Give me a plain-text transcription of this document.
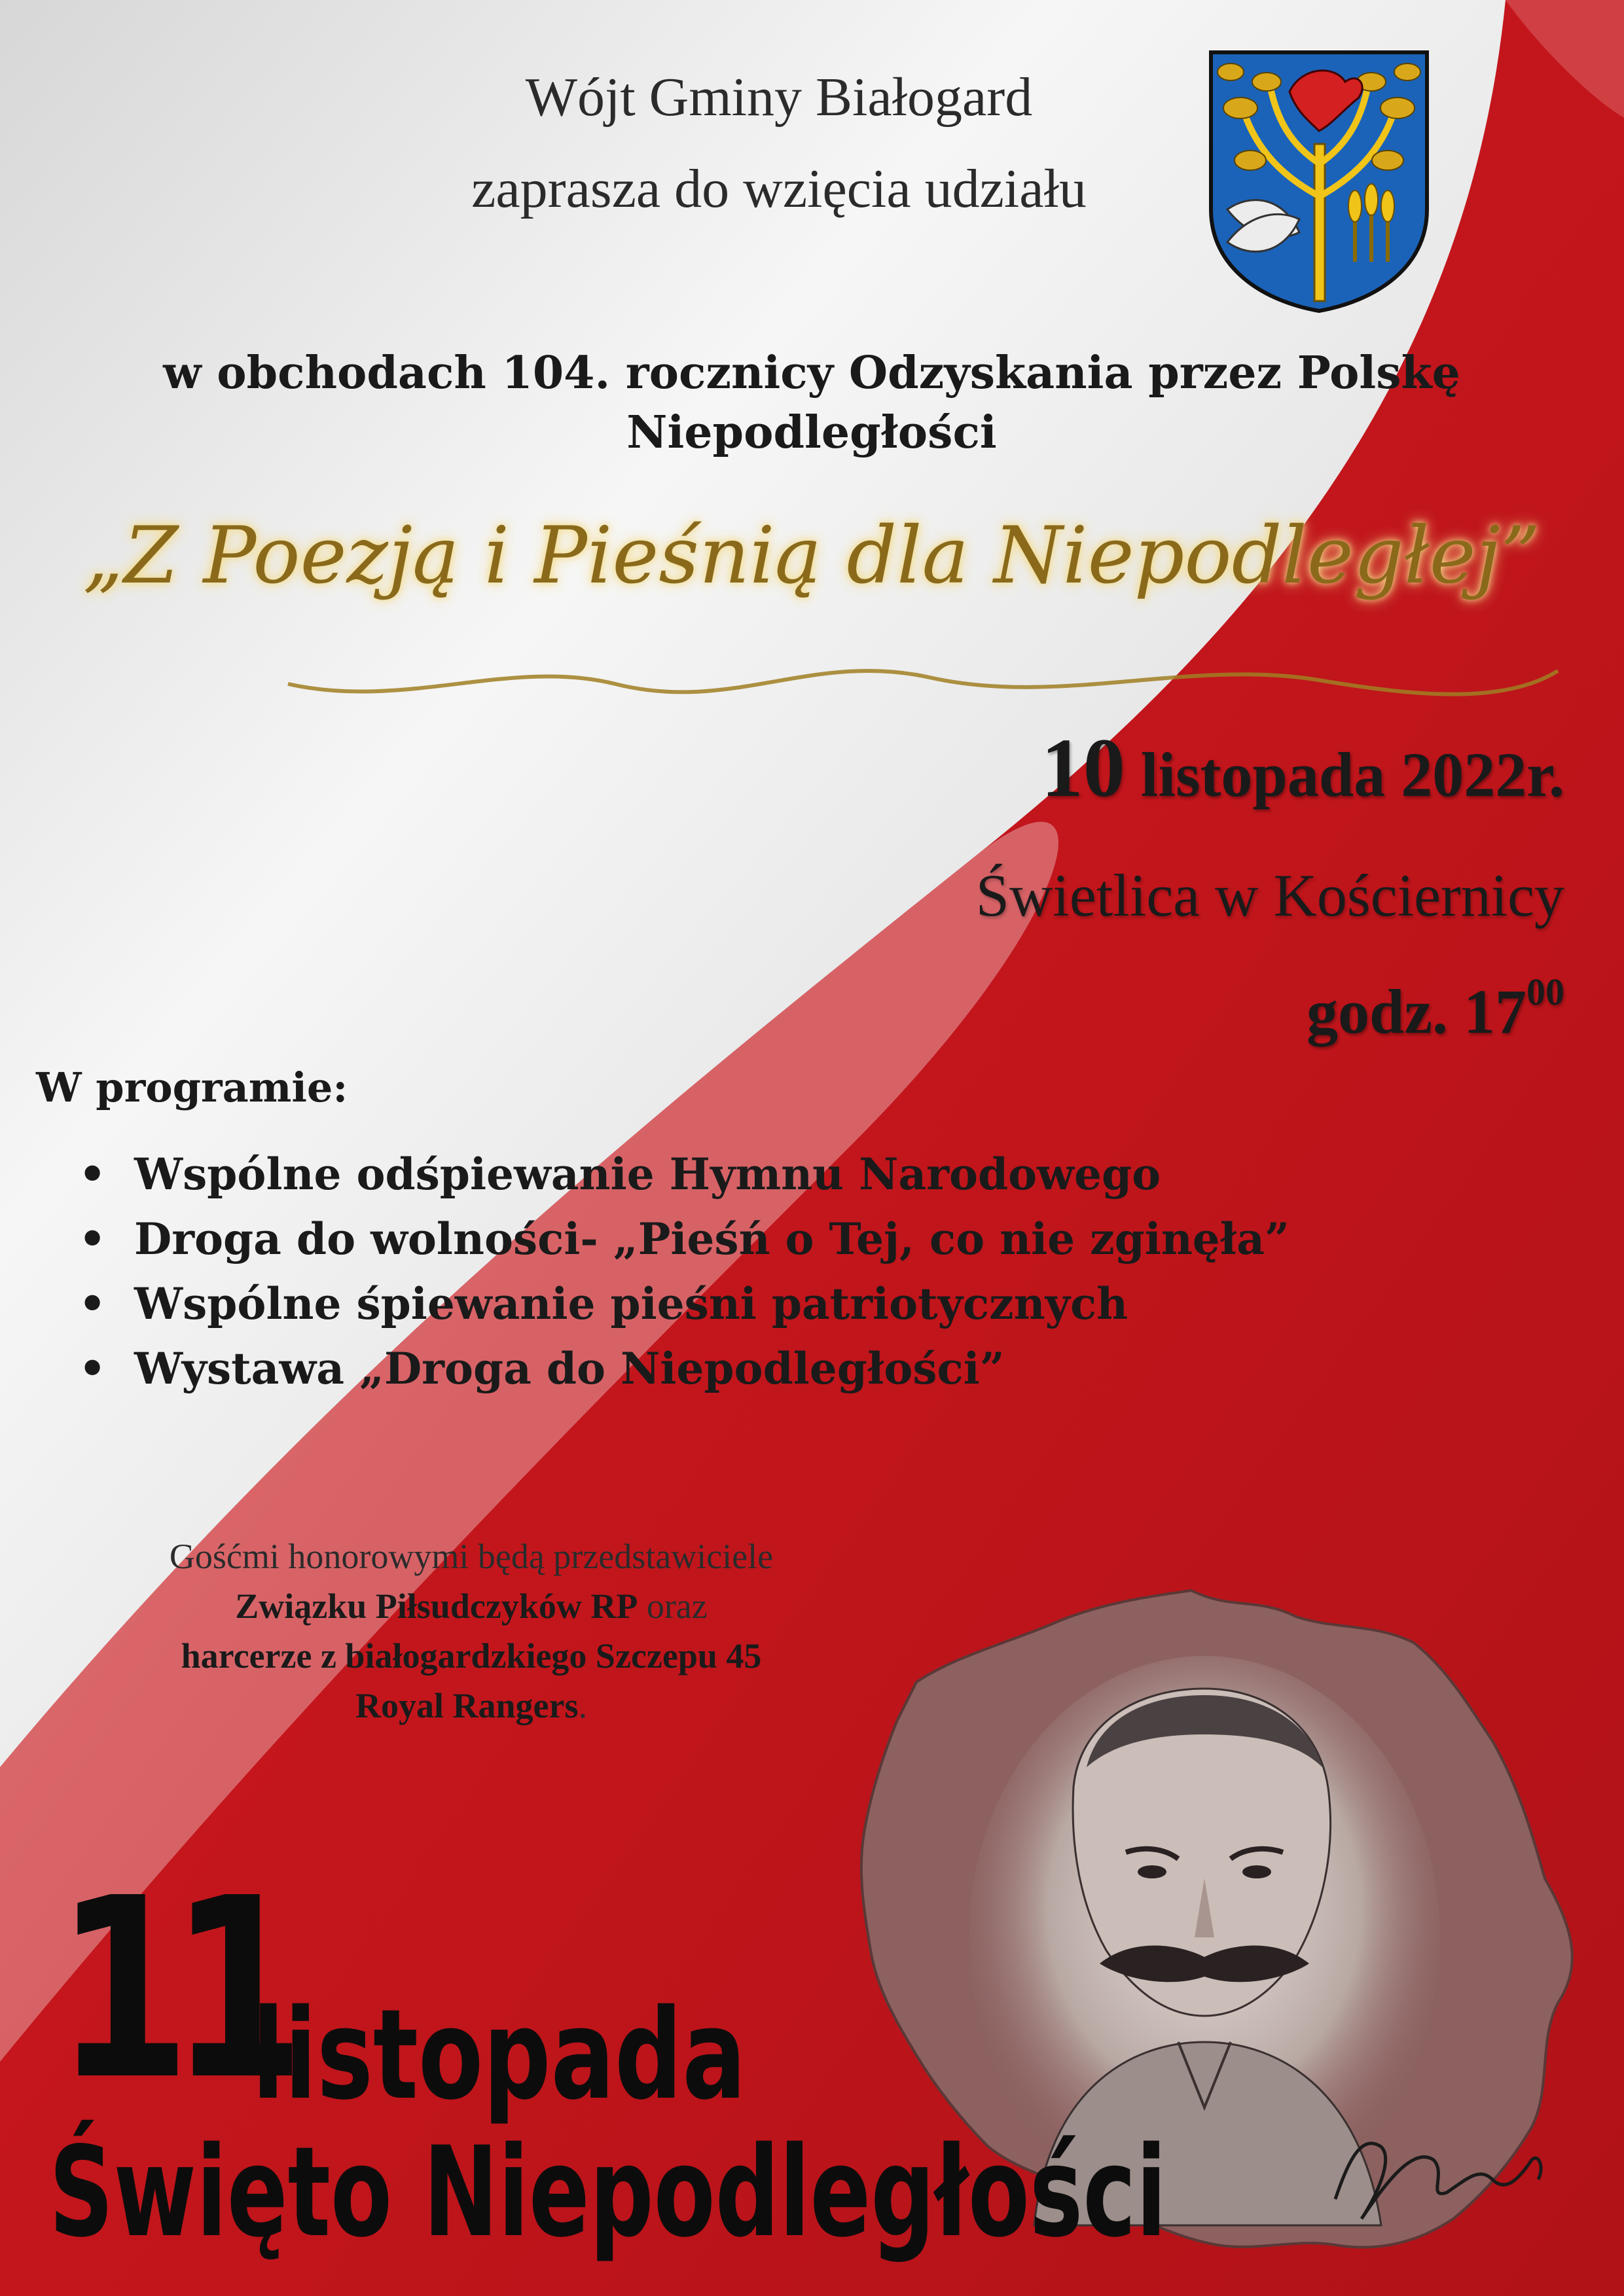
Wójt Gminy Białogard
zaprasza do wzięcia udziału
w obchodach 104. rocznicy Odzyskania przez Polskę
Niepodległości
„Z Poezją i Pieśnią dla Niepodległej”
10 listopada 2022r.
Świetlica w Kościernicy
godz. $17^{00}$
W programie:
• Wspólne odśpiewanie Hymnu Narodowego
• Droga do wolności- „Pieśń o Tej, co nie zginęła”
• Wspólne śpiewanie pieśni patriotycznych
• Wystawa „Droga do Niepodległości”
Gośćmi honorowymi będą przedstawiciele
Związku Piłsudczyków RP oraz
harcerze z białogardzkiego Szczepu 45
Royal Rangers.
11
listopada
Święto Niepodległości
